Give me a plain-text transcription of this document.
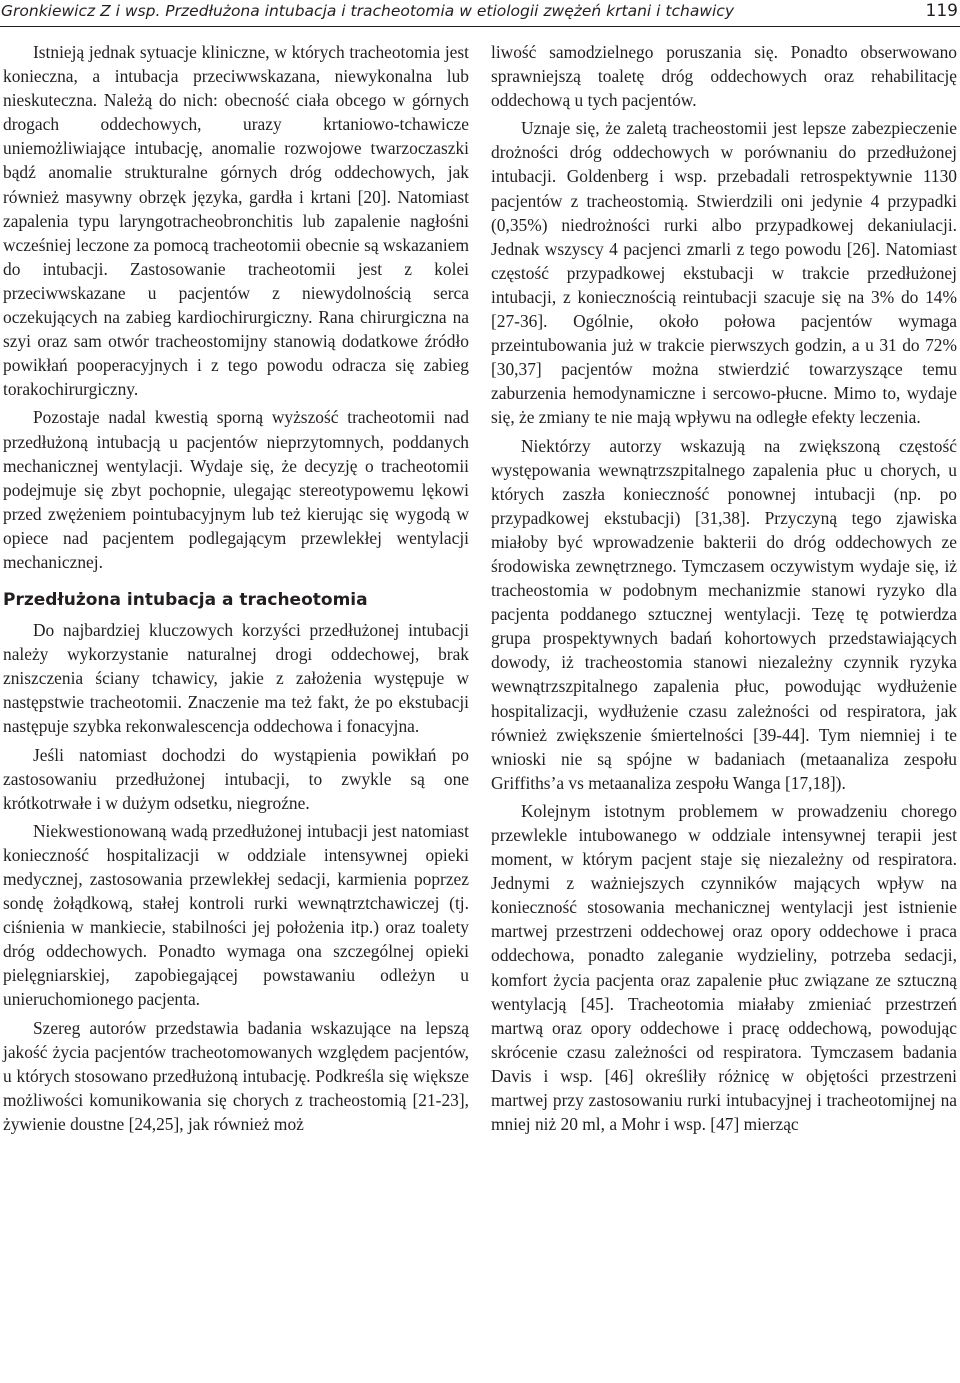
Gronkiewicz Z i wsp. Przedłużona intubacja i tracheotomia w etiologii zwężeń krtani i tchawicy	119

Istnieją jednak sytuacje kliniczne, w których tracheotomia jest konieczna, a intubacja przeciwwskazana, niewykonalna lub nieskuteczna. Należą do nich: obecność ciała obcego w górnych drogach oddechowych, urazy krtaniowo-tchawicze uniemożliwiające intubację, anomalie rozwojowe twarzoczaszki bądź anomalie strukturalne górnych dróg oddechowych, jak również masywny obrzęk języka, gardła i krtani [20]. Natomiast zapalenia typu laryngotracheobronchitis lub zapalenie nagłośni wcześniej leczone za pomocą tracheotomii obecnie są wskazaniem do intubacji. Zastosowanie tracheotomii jest z kolei przeciwwskazane u pacjentów z niewydolnością serca oczekujących na zabieg kardiochirurgiczny. Rana chirurgiczna na szyi oraz sam otwór tracheostomijny stanowią dodatkowe źródło powikłań pooperacyjnych i z tego powodu odracza się zabieg torakochirurgiczny.

Pozostaje nadal kwestią sporną wyższość tracheotomii nad przedłużoną intubacją u pacjentów nieprzytomnych, poddanych mechanicznej wentylacji. Wydaje się, że decyzję o tracheotomii podejmuje się zbyt pochopnie, ulegając stereotypowemu lękowi przed zwężeniem pointubacyjnym lub też kierując się wygodą w opiece nad pacjentem podlegającym przewlekłej wentylacji mechanicznej.

Przedłużona intubacja a tracheotomia

Do najbardziej kluczowych korzyści przedłużonej intubacji należy wykorzystanie naturalnej drogi oddechowej, brak zniszczenia ściany tchawicy, jakie z założenia występuje w następstwie tracheotomii. Znaczenie ma też fakt, że po ekstubacji następuje szybka rekonwalescencja oddechowa i fonacyjna.

Jeśli natomiast dochodzi do wystąpienia powikłań po zastosowaniu przedłużonej intubacji, to zwykle są one krótkotrwałe i w dużym odsetku, niegroźne.

Niekwestionowaną wadą przedłużonej intubacji jest natomiast konieczność hospitalizacji w oddziale intensywnej opieki medycznej, zastosowania przewlekłej sedacji, karmienia poprzez sondę żołądkową, stałej kontroli rurki wewnątrztchawiczej (tj. ciśnienia w mankiecie, stabilności jej położenia itp.) oraz toalety dróg oddechowych. Ponadto wymaga ona szczególnej opieki pielęgniarskiej, zapobiegającej powstawaniu odleżyn u unieruchomionego pacjenta.

Szereg autorów przedstawia badania wskazujące na lepszą jakość życia pacjentów tracheotomowanych względem pacjentów, u których stosowano przedłużoną intubację. Podkreśla się większe możliwości komunikowania się chorych z tracheostomią [21-23], żywienie doustne [24,25], jak również moż

liwość samodzielnego poruszania się. Ponadto obserwowano sprawniejszą toaletę dróg oddechowych oraz rehabilitację oddechową u tych pacjentów.

Uznaje się, że zaletą tracheostomii jest lepsze zabezpieczenie drożności dróg oddechowych w porównaniu do przedłużonej intubacji. Goldenberg i wsp. przebadali retrospektywnie 1130 pacjentów z tracheostomią. Stwierdzili oni jedynie 4 przypadki (0,35%) niedrożności rurki albo przypadkowej dekaniulacji. Jednak wszyscy 4 pacjenci zmarli z tego powodu [26]. Natomiast częstość przypadkowej ekstubacji w trakcie przedłużonej intubacji, z koniecznością reintubacji szacuje się na 3% do 14% [27-36]. Ogólnie, około połowa pacjentów wymaga przeintubowania już w trakcie pierwszych godzin, a u 31 do 72% [30,37] pacjentów można stwierdzić towarzyszące temu zaburzenia hemodynamiczne i sercowo-płucne. Mimo to, wydaje się, że zmiany te nie mają wpływu na odległe efekty leczenia.

Niektórzy autorzy wskazują na zwiększoną częstość występowania wewnątrzszpitalnego zapalenia płuc u chorych, u których zaszła konieczność ponownej intubacji (np. po przypadkowej ekstubacji) [31,38]. Przyczyną tego zjawiska miałoby być wprowadzenie bakterii do dróg oddechowych ze środowiska zewnętrznego. Tymczasem oczywistym wydaje się, iż tracheostomia w podobnym mechanizmie stanowi ryzyko dla pacjenta poddanego sztucznej wentylacji. Tezę tę potwierdza grupa prospektywnych badań kohortowych przedstawiających dowody, iż tracheostomia stanowi niezależny czynnik ryzyka wewnątrzszpitalnego zapalenia płuc, powodując wydłużenie hospitalizacji, wydłużenie czasu zależności od respiratora, jak również zwiększenie śmiertelności [39-44]. Tym niemniej i te wnioski nie są spójne w badaniach (metaanaliza zespołu Griffiths’a vs metaanaliza zespołu Wanga [17,18]).

Kolejnym istotnym problemem w prowadzeniu chorego przewlekle intubowanego w oddziale intensywnej terapii jest moment, w którym pacjent staje się niezależny od respiratora. Jednymi z ważniejszych czynników mających wpływ na konieczność stosowania mechanicznej wentylacji jest istnienie martwej przestrzeni oddechowej oraz opory oddechowe i praca oddechowa, ponadto zaleganie wydzieliny, potrzeba sedacji, komfort życia pacjenta oraz zapalenie płuc związane ze sztuczną wentylacją [45]. Tracheotomia miałaby zmieniać przestrzeń martwą oraz opory oddechowe i pracę oddechową, powodując skrócenie czasu zależności od respiratora. Tymczasem badania Davis i wsp. [46] określiły różnicę w objętości przestrzeni martwej przy zastosowaniu rurki intubacyjnej i tracheotomijnej na mniej niż 20 ml, a Mohr i wsp. [47] mierząc
